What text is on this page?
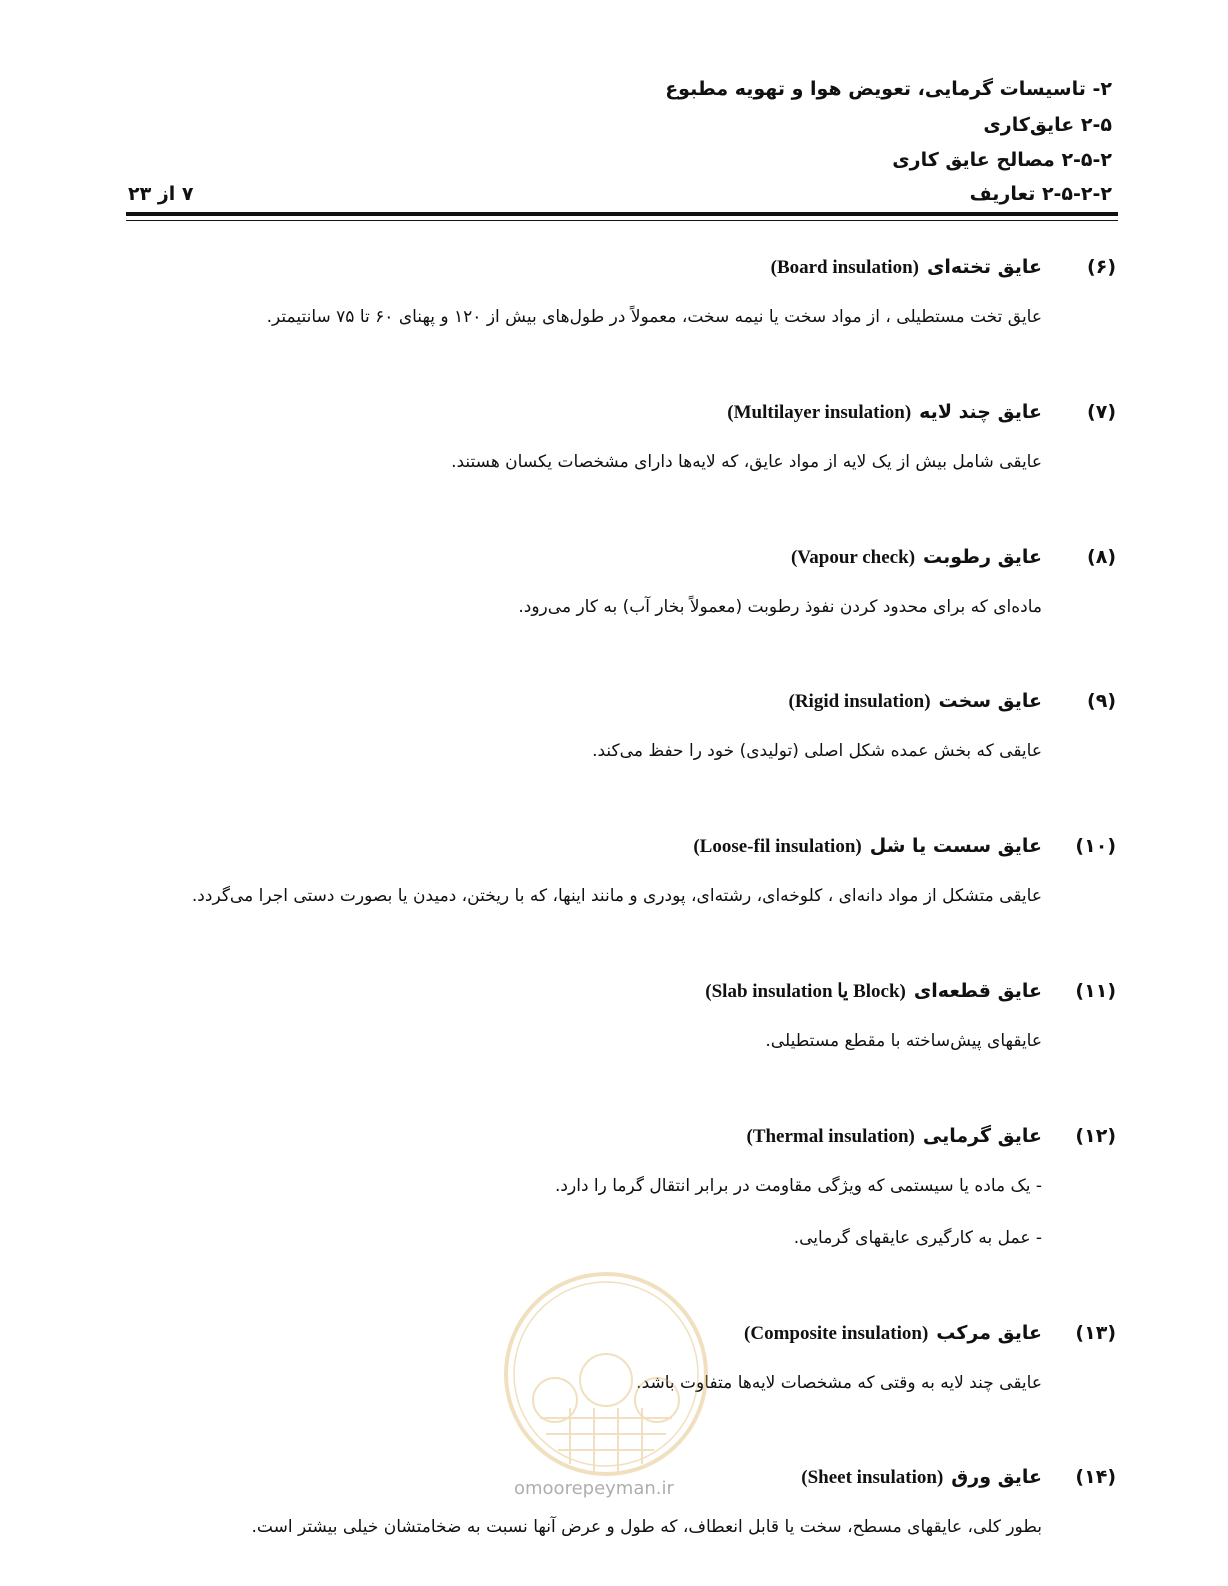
۲- تاسیسات گرمایی، تعویض هوا و تهویه مطبوع
۲-۵ عایق‌کاری
۲-۵-۲ مصالح عایق کاری
۲-۵-۲-۲ تعاریف
۷ از ۲۳
(۶)
عایق تخته‌ای
(Board insulation)

عایق تخت مستطیلی ، از مواد سخت یا نیمه سخت، معمولاً در طول‌های بیش از ۱۲۰ و پهنای ۶۰ تا ۷۵ سانتیمتر.

(۷)
عایق چند لایه
(Multilayer insulation)

عایقی شامل بیش از یک لایه از مواد عایق، که لایه‌ها دارای مشخصات یکسان هستند.

(۸)
عایق رطوبت
(Vapour check)

ماده‌ای که برای محدود کردن نفوذ رطوبت (معمولاً بخار آب) به کار می‌رود.

(۹)
عایق سخت
(Rigid insulation)

عایقی که بخش عمده شکل اصلی (تولیدی) خود را حفظ می‌کند.

(۱۰)
عایق سست یا شل
(Loose-fil insulation)

عایقی متشکل از مواد دانه‌ای ، کلوخه‌ای، رشته‌ای، پودری و مانند اینها، که با ریختن، دمیدن یا بصورت دستی اجرا می‌گردد.

(۱۱)
عایق قطعه‌ای
(Block یا Slab insulation)

عایقهای پیش‌ساخته با مقطع مستطیلی.

(۱۲)
عایق گرمایی
(Thermal insulation)

- یک ماده یا سیستمی که ویژگی مقاومت در برابر انتقال گرما را دارد.

- عمل به کارگیری عایقهای گرمایی.

(۱۳)
عایق مرکب
(Composite insulation)

عایقی چند لایه به وقتی که مشخصات لایه‌ها متفاوت باشد.

(۱۴)
عایق ورق
(Sheet insulation)

بطور کلی، عایقهای مسطح، سخت یا قابل انعطاف، که طول و عرض آنها نسبت به ضخامتشان خیلی بیشتر است.

omoorepeyman.ir
